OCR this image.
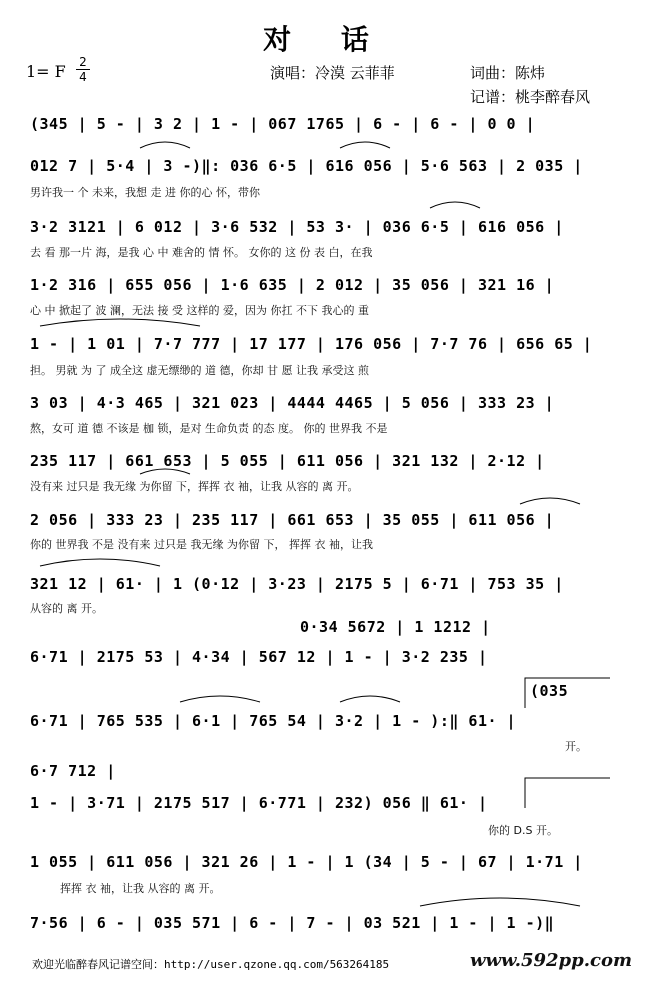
对 话
1= F 2
4	演唱：冷漠 云菲菲	词曲：陈炜
记谱：桃李醉春风
(345 | 5 - | 3 2 | 1 - | 067 1765 | 6 - | 6 - | 0 0 |
012 7 | 5·4 | 3 -)‖: 036 6·5 | 616 056 | 5·6 563 | 2 035 |
男许我一 个 未来，我想 走 进 你的心 怀，带你
3·2 3121 | 6 012 | 3·6 532 | 53 3· | 036 6·5 | 616 056 |
去 看 那一片 海，是我 心 中 难舍的 情 怀。 女你的 这 份 表 白，在我
1·2 316 | 655 056 | 1·6 635 | 2 012 | 35 056 | 321 16 |
心 中 掀起了 波 澜，无法 接 受 这样的 爱，因为 你扛 不下 我心的 重
1 - | 1 01 | 7·7 777 | 17 177 | 176 056 | 7·7 76 | 656 65 |
担。 男就 为 了 成全这 虚无缥缈的 道 德，你却 甘 愿 让我 承受这 煎
3 03 | 4·3 465 | 321 023 | 4444 4465 | 5 056 | 333 23 |
熬，女可 道 德 不该是 枷 锁，是对 生命负责 的态 度。 你的 世界我 不是
235 117 | 661 653 | 5 055 | 611 056 | 321 132 | 2·12 |
没有来 过只是 我无缘 为你留 下，挥挥 衣 袖，让我 从容的 离 开。
2 056 | 333 23 | 235 117 | 661 653 | 35 055 | 611 056 |
你的 世界我 不是 没有来 过只是 我无缘 为你留 下， 挥挥 衣 袖，让我
321 12 | 61· | 1 (0·12 | 3·23 | 2175 5 | 6·71 | 753 35 |
从容的 离 开。
0·34 5672 | 1 1212 |
6·71 | 2175 53 | 4·34 | 567 12 | 1 - | 3·2 235 |
(035
6·71 | 765 535 | 6·1 | 765 54 | 3·2 | 1 - ):‖ 61· |
开。
6·7 712 |
1 - | 3·71 | 2175 517 | 6·771 | 232) 056 ‖ 61· |
你的 D.S 开。
1 055 | 611 056 | 321 26 | 1 - | 1 (34 | 5 - | 67 | 1·71 |
挥挥 衣 袖，让我 从容的 离 开。
7·56 | 6 - | 035 571 | 6 - | 7 - | 03 521 | 1 - | 1 -)‖
欢迎光临醉春风记谱空间：http://user.qzone.qq.com/563264185	www.592pp.com
